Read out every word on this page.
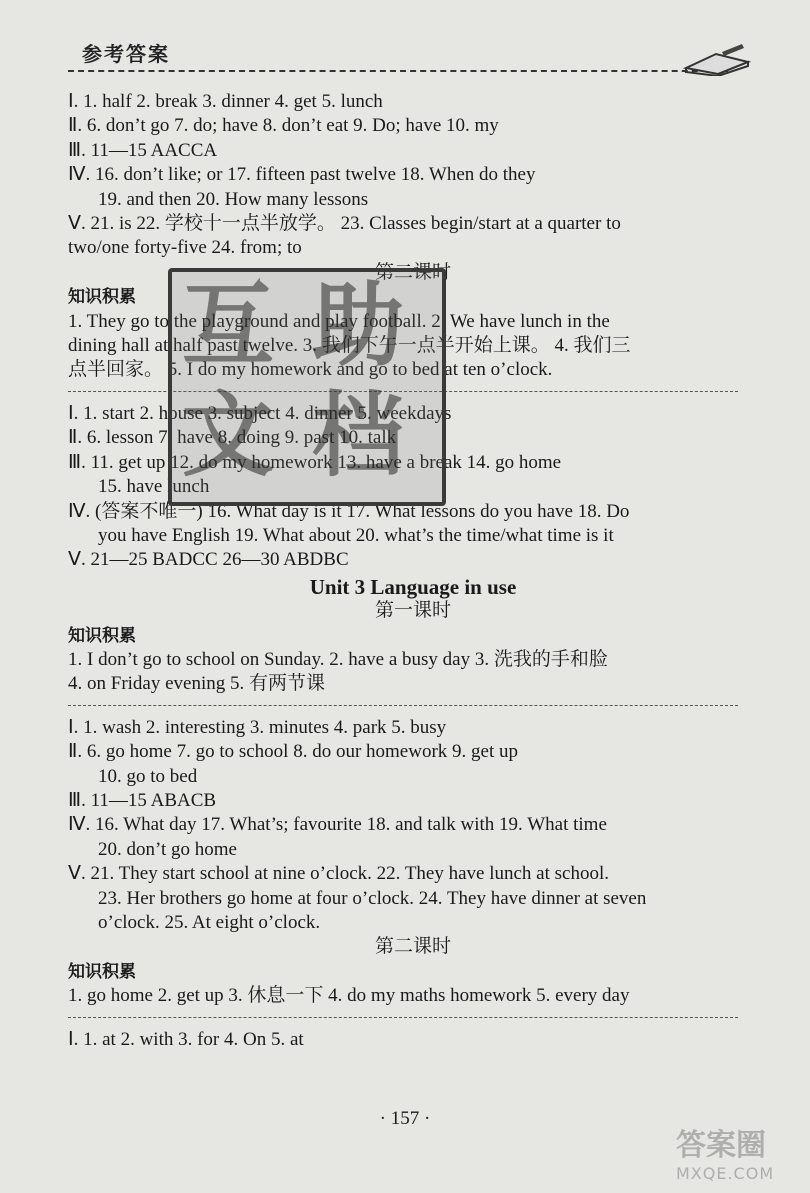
参考答案
Ⅰ. 1. half 2. break 3. dinner 4. get 5. lunch
Ⅱ. 6. don’t go 7. do; have 8. don’t eat 9. Do; have 10. my
Ⅲ. 11—15 AACCA
Ⅳ. 16. don’t like; or 17. fifteen past twelve 18. When do they
19. and then 20. How many lessons
Ⅴ. 21. is 22. 学校十一点半放学。 23. Classes begin/start at a quarter to
two/one forty-five 24. from; to
第二课时
知识积累
1. They go to the playground and play football. 2. We have lunch in the
dining hall at half past twelve. 3. 我们下午一点半开始上课。 4. 我们三
点半回家。 5. I do my homework and go to bed at ten o’clock.
Ⅰ. 1. start 2. house 3. subject 4. dinner 5. weekdays
Ⅱ. 6. lesson 7. have 8. doing 9. past 10. talk
Ⅲ. 11. get up 12. do my homework 13. have a break 14. go home
15. have lunch
Ⅳ. (答案不唯一) 16. What day is it 17. What lessons do you have 18. Do
you have English 19. What about 20. what’s the time/what time is it
Ⅴ. 21—25 BADCC 26—30 ABDBC
Unit 3 Language in use
第一课时
知识积累
1. I don’t go to school on Sunday. 2. have a busy day 3. 洗我的手和脸
4. on Friday evening 5. 有两节课
Ⅰ. 1. wash 2. interesting 3. minutes 4. park 5. busy
Ⅱ. 6. go home 7. go to school 8. do our homework 9. get up
10. go to bed
Ⅲ. 11—15 ABACB
Ⅳ. 16. What day 17. What’s; favourite 18. and talk with 19. What time
20. don’t go home
Ⅴ. 21. They start school at nine o’clock. 22. They have lunch at school.
23. Her brothers go home at four o’clock. 24. They have dinner at seven
o’clock. 25. At eight o’clock.
第二课时
知识积累
1. go home 2. get up 3. 休息一下 4. do my maths homework 5. every day
Ⅰ. 1. at 2. with 3. for 4. On 5. at
互 助
文 档
· 157 ·
答案圈
MXQE.COM
